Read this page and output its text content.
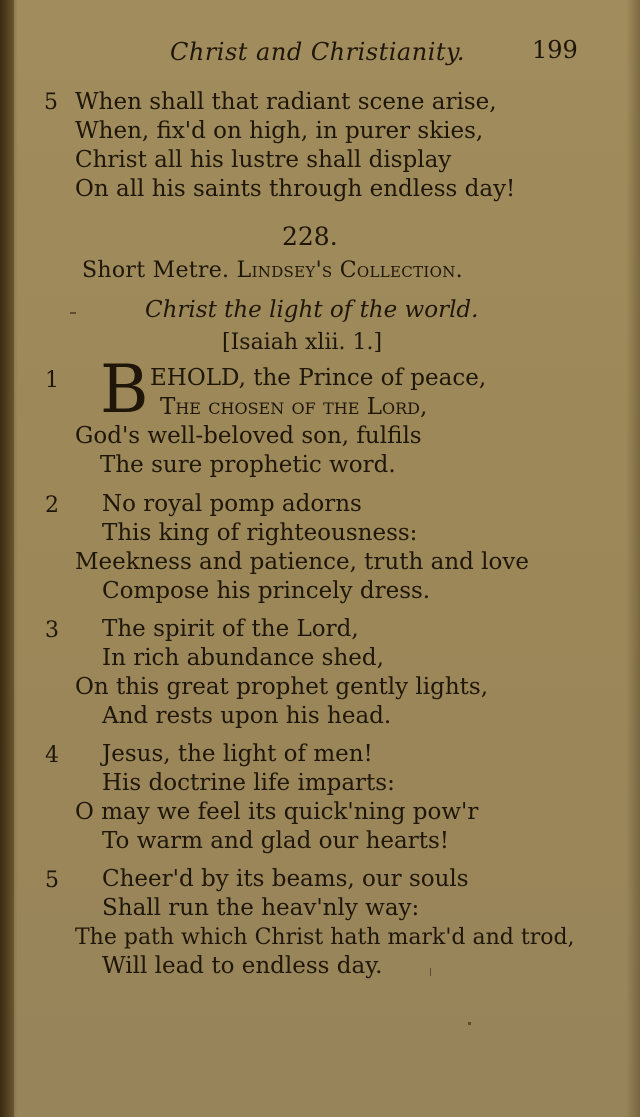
Christ and Christianity.	199
5 When shall that radiant scene arise,
When, fix'd on high, in purer skies,
Christ all his lustre shall display
On all his saints through endless day!
228.
Short Metre. Lindsey's Collection.
Christ the light of the world.
[Isaiah xlii. 1.]
1 B EHOLD, the Prince of peace,
The chosen of the Lord,
God's well-beloved son, fulfils
The sure prophetic word.
2 No royal pomp adorns
This king of righteousness:
Meekness and patience, truth and love
Compose his princely dress.
3 The spirit of the Lord,
In rich abundance shed,
On this great prophet gently lights,
And rests upon his head.
4 Jesus, the light of men!
His doctrine life imparts:
O may we feel its quick'ning pow'r
To warm and glad our hearts!
5 Cheer'd by its beams, our souls
Shall run the heav'nly way:
The path which Christ hath mark'd and trod,
Will lead to endless day.
